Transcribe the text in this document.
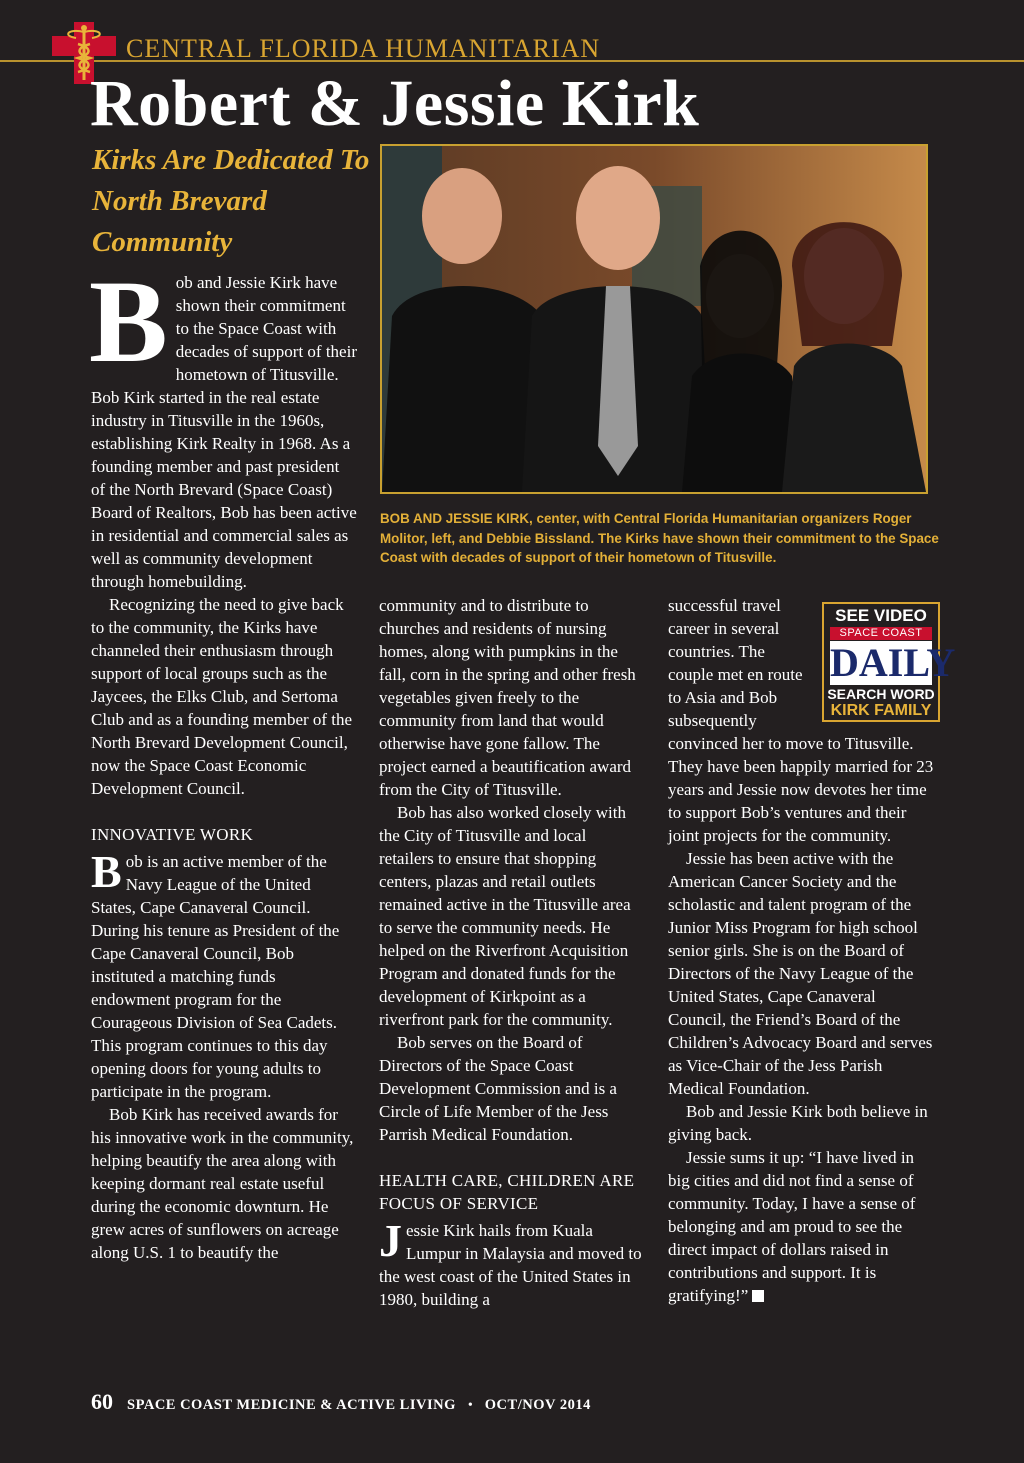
CENTRAL FLORIDA HUMANITARIAN
Robert & Jessie Kirk
Kirks Are Dedicated To North Brevard Community

BOB AND JESSIE KIRK, center, with Central Florida Humanitarian organizers Roger Molitor, left, and Debbie Bissland. The Kirks have shown their commitment to the Space Coast with decades of support of their hometown of Titusville.

Bob and Jessie Kirk have shown their commitment to the Space Coast with decades of support of their hometown of Titusville. Bob Kirk started in the real estate industry in Titusville in the 1960s, establishing Kirk Realty in 1968. As a founding member and past president of the North Brevard (Space Coast) Board of Realtors, Bob has been active in residential and commercial sales as well as community development through homebuilding.

Recognizing the need to give back to the community, the Kirks have channeled their enthusiasm through support of local groups such as the Jaycees, the Elks Club, and Sertoma Club and as a founding member of the North Brevard Development Council, now the Space Coast Economic Development Council.

INNOVATIVE WORK

Bob is an active member of the Navy League of the United States, Cape Canaveral Council. During his tenure as President of the Cape Canaveral Council, Bob instituted a matching funds endowment program for the Courageous Division of Sea Cadets. This program continues to this day opening doors for young adults to participate in the program.

Bob Kirk has received awards for his innovative work in the community, helping beautify the area along with keeping dormant real estate useful during the economic downturn. He grew acres of sunflowers on acreage along U.S. 1 to beautify the

community and to distribute to churches and residents of nursing homes, along with pumpkins in the fall, corn in the spring and other fresh vegetables given freely to the community from land that would otherwise have gone fallow. The project earned a beautification award from the City of Titusville.

Bob has also worked closely with the City of Titusville and local retailers to ensure that shopping centers, plazas and retail outlets remained active in the Titusville area to serve the community needs. He helped on the Riverfront Acquisition Program and donated funds for the development of Kirkpoint as a riverfront park for the community.

Bob serves on the Board of Directors of the Space Coast Development Commission and is a Circle of Life Member of the Jess Parrish Medical Foundation.

HEALTH CARE, CHILDREN ARE FOCUS OF SERVICE

Jessie Kirk hails from Kuala Lumpur in Malaysia and moved to the west coast of the United States in 1980, building a

SEE VIDEO
SPACE COAST
DAILY
SEARCH WORD
KIRK FAMILY

successful travel career in several countries. The couple met en route to Asia and Bob subsequently convinced her to move to Titusville. They have been happily married for 23 years and Jessie now devotes her time to support Bob’s ventures and their joint projects for the community.

Jessie has been active with the American Cancer Society and the scholastic and talent program of the Junior Miss Program for high school senior girls. She is on the Board of Directors of the Navy League of the United States, Cape Canaveral Council, the Friend’s Board of the Children’s Advocacy Board and serves as Vice-Chair of the Jess Parish Medical Foundation.

Bob and Jessie Kirk both believe in giving back.

Jessie sums it up: “I have lived in big cities and did not find a sense of community. Today, I have a sense of belonging and am proud to see the direct impact of dollars raised in contributions and support. It is gratifying!”

60 SPACE COAST MEDICINE & ACTIVE LIVING • OCT/NOV 2014
